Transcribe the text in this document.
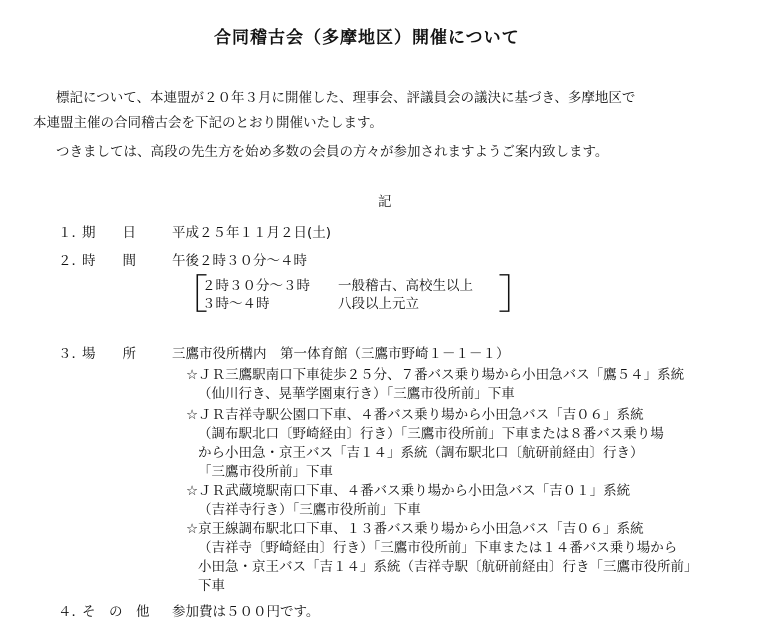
合同稽古会（多摩地区）開催について
標記について、本連盟が２０年３月に開催した、理事会、評議員会の議決に基づき、多摩地区で
本連盟主催の合同稽古会を下記のとおり開催いたします。
つきましては、高段の先生方を始め多数の会員の方々が参加されますようご案内致します。
記
１．
期　　日	平成２５年１１月２日(土)
２．
時　　間	午後２時３０分～４時
［
２時３０分～３時 一般稽古、高校生以上
３時～４時	八段以上元立 ］
３．
場　　所	三鷹市役所構内　第一体育館（三鷹市野崎１－１－１）
☆ＪＲ三鷹駅南口下車徒歩２５分、７番バス乗り場から小田急バス「鷹５４」系統
（仙川行き、晃華学園東行き）「三鷹市役所前」下車
☆ＪＲ吉祥寺駅公園口下車、４番バス乗り場から小田急バス「吉０６」系統
（調布駅北口〔野崎経由〕行き）「三鷹市役所前」下車または８番バス乗り場
から小田急・京王バス「吉１４」系統（調布駅北口〔航研前経由〕行き）
「三鷹市役所前」下車
☆ＪＲ武蔵境駅南口下車、４番バス乗り場から小田急バス「吉０１」系統
（吉祥寺行き）「三鷹市役所前」下車
☆京王線調布駅北口下車、１３番バス乗り場から小田急バス「吉０６」系統
（吉祥寺〔野崎経由〕行き）「三鷹市役所前」下車または１４番バス乗り場から
小田急・京王バス「吉１４」系統（吉祥寺駅〔航研前経由〕行き「三鷹市役所前」
下車
４．
そ　の　他 参加費は５００円です。
